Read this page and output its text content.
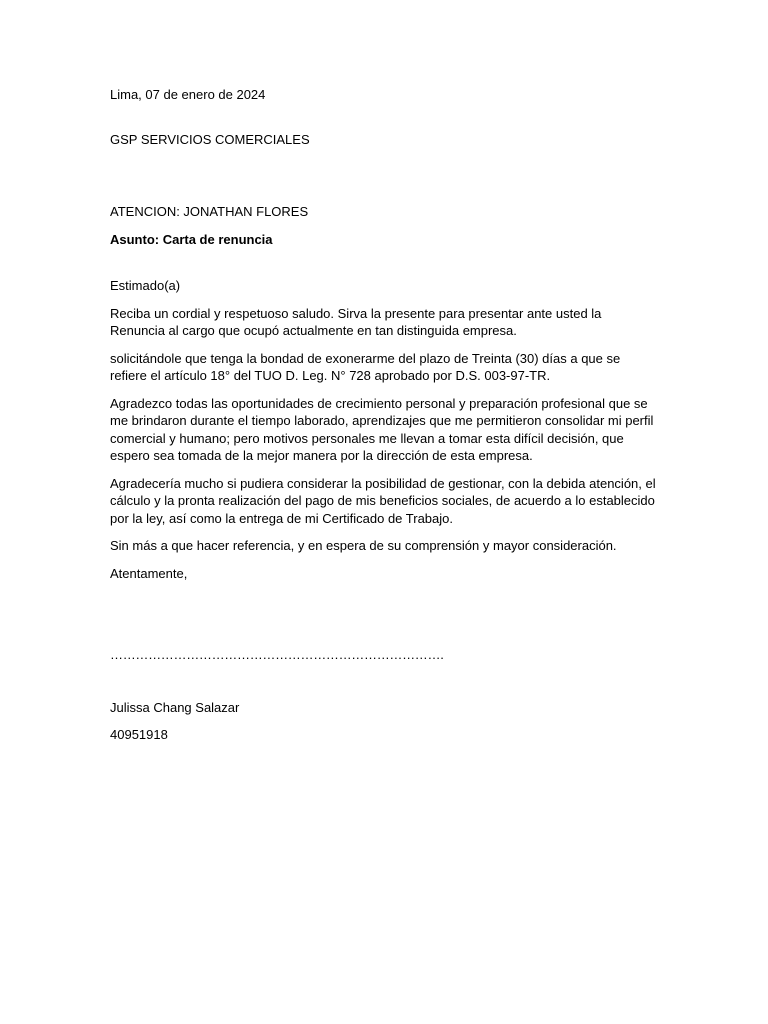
Lima, 07 de enero de 2024

GSP SERVICIOS COMERCIALES

ATENCION: JONATHAN FLORES

Asunto: Carta de renuncia

Estimado(a)

Reciba un cordial y respetuoso saludo. Sirva la presente para presentar ante usted la Renuncia al cargo que ocupó actualmente en tan distinguida empresa.

solicitándole que tenga la bondad de exonerarme del plazo de Treinta (30) días a que se refiere el artículo 18° del TUO D. Leg. N° 728 aprobado por D.S. 003-97-TR.

Agradezco todas las oportunidades de crecimiento personal y preparación profesional que se me brindaron durante el tiempo laborado, aprendizajes que me permitieron consolidar mi perfil comercial y humano; pero motivos personales me llevan a tomar esta difícil decisión, que espero sea tomada de la mejor manera por la dirección de esta empresa.

Agradecería mucho si pudiera considerar la posibilidad de gestionar, con la debida atención, el cálculo y la pronta realización del pago de mis beneficios sociales, de acuerdo a lo establecido por la ley, así como la entrega de mi Certificado de Trabajo.

Sin más a que hacer referencia, y en espera de su comprensión y mayor consideración.

Atentamente,

…………………………………………………………………….

Julissa Chang Salazar

40951918
